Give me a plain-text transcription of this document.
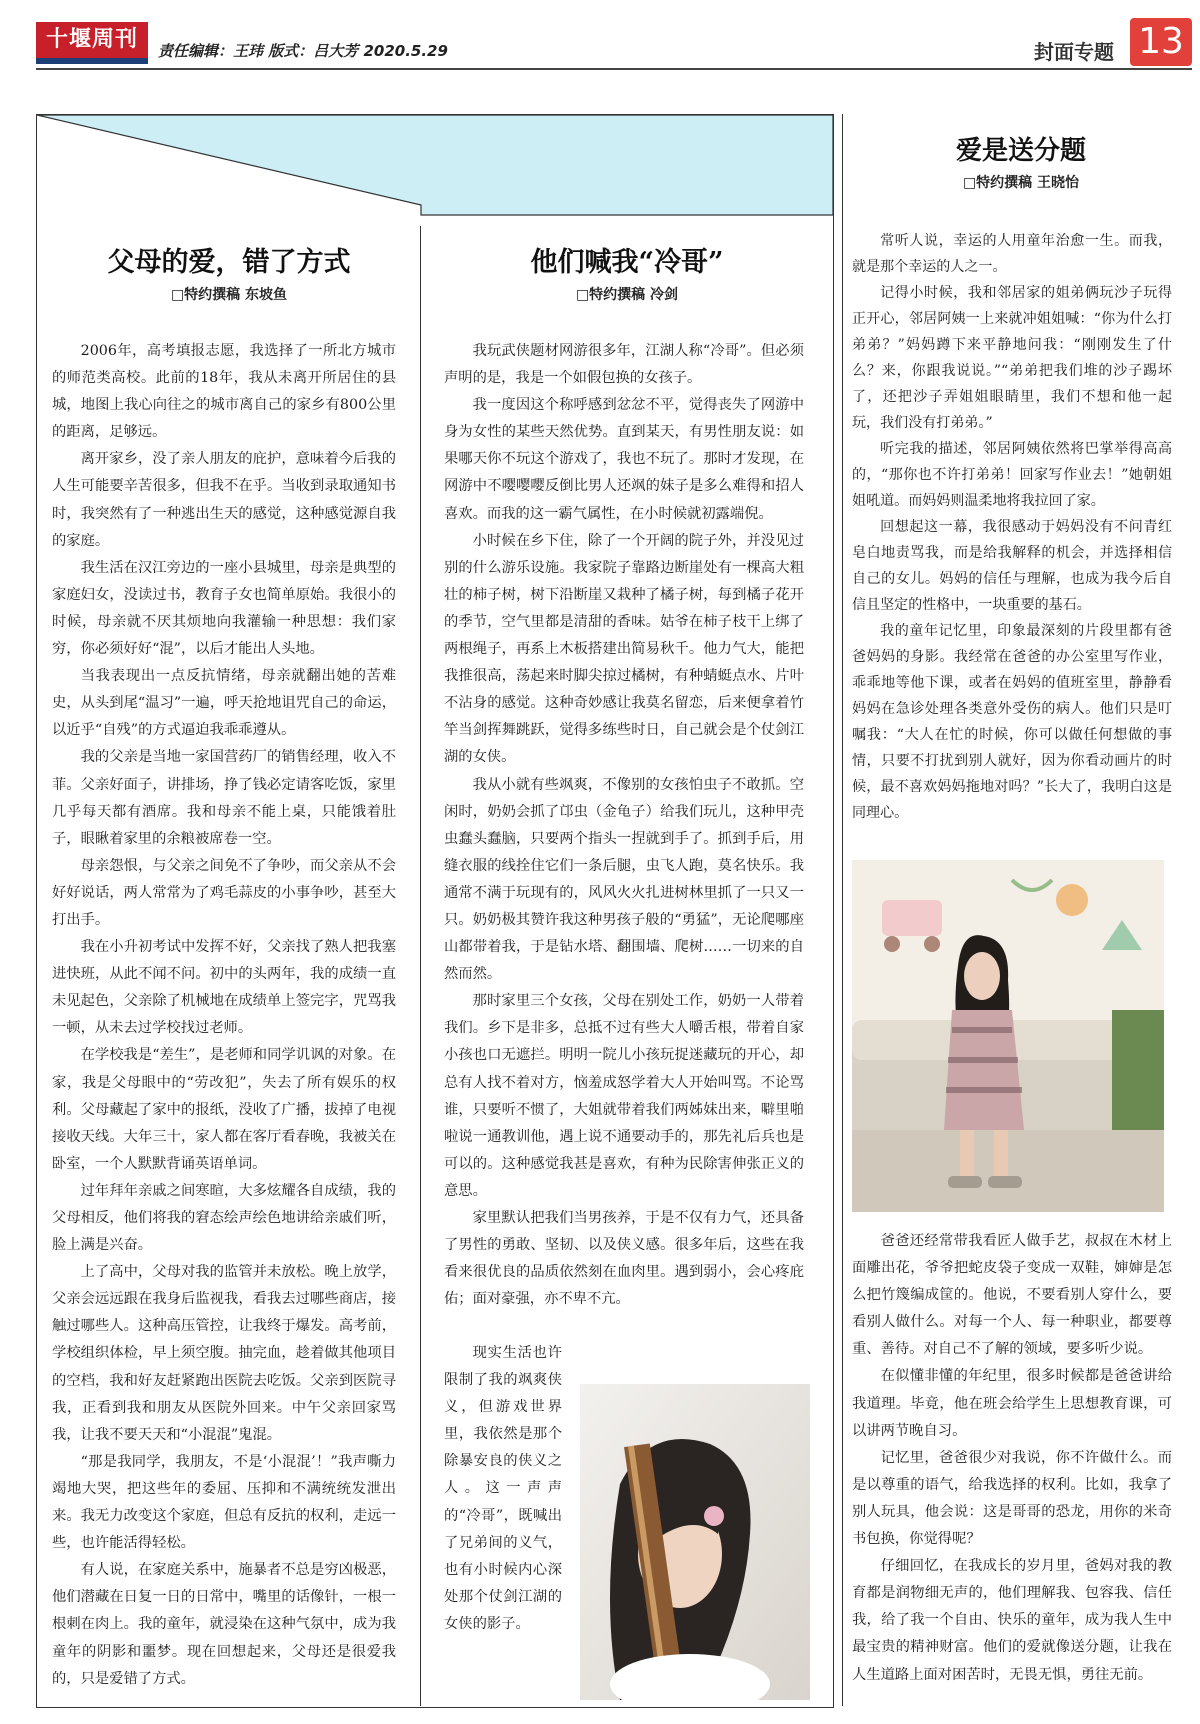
十堰周刊	责任编辑：王玮 版式：吕大芳 2020.5.29	封面专题 13
父母的爱，错了方式
□特约撰稿 东坡鱼

2006年，高考填报志愿，我选择了一所北方城市的师范类高校。此前的18年，我从未离开所居住的县城，地图上我心向往之的城市离自己的家乡有800公里的距离，足够远。

离开家乡，没了亲人朋友的庇护，意味着今后我的人生可能要辛苦很多，但我不在乎。当收到录取通知书时，我突然有了一种逃出生天的感觉，这种感觉源自我的家庭。

我生活在汉江旁边的一座小县城里，母亲是典型的家庭妇女，没读过书，教育子女也简单原始。我很小的时候，母亲就不厌其烦地向我灌输一种思想：我们家穷，你必须好好“混”，以后才能出人头地。

当我表现出一点反抗情绪，母亲就翻出她的苦难史，从头到尾“温习”一遍，呼天抢地诅咒自己的命运，以近乎“自残”的方式逼迫我乖乖遵从。

我的父亲是当地一家国营药厂的销售经理，收入不菲。父亲好面子，讲排场，挣了钱必定请客吃饭，家里几乎每天都有酒席。我和母亲不能上桌，只能饿着肚子，眼瞅着家里的余粮被席卷一空。

母亲怨恨，与父亲之间免不了争吵，而父亲从不会好好说话，两人常常为了鸡毛蒜皮的小事争吵，甚至大打出手。

我在小升初考试中发挥不好，父亲找了熟人把我塞进快班，从此不闻不问。初中的头两年，我的成绩一直未见起色，父亲除了机械地在成绩单上签完字，咒骂我一顿，从未去过学校找过老师。

在学校我是“差生”，是老师和同学讥讽的对象。在家，我是父母眼中的“劳改犯”，失去了所有娱乐的权利。父母藏起了家中的报纸，没收了广播，拔掉了电视接收天线。大年三十，家人都在客厅看春晚，我被关在卧室，一个人默默背诵英语单词。

过年拜年亲戚之间寒暄，大多炫耀各自成绩，我的父母相反，他们将我的窘态绘声绘色地讲给亲戚们听，脸上满是兴奋。

上了高中，父母对我的监管并未放松。晚上放学，父亲会远远跟在我身后监视我，看我去过哪些商店，接触过哪些人。这种高压管控，让我终于爆发。高考前，学校组织体检，早上须空腹。抽完血，趁着做其他项目的空档，我和好友赶紧跑出医院去吃饭。父亲到医院寻我，正看到我和朋友从医院外回来。中午父亲回家骂我，让我不要天天和“小混混”鬼混。

“那是我同学，我朋友，不是‘小混混’！”我声嘶力竭地大哭，把这些年的委屈、压抑和不满统统发泄出来。我无力改变这个家庭，但总有反抗的权利，走远一些，也许能活得轻松。

有人说，在家庭关系中，施暴者不总是穷凶极恶，他们潜藏在日复一日的日常中，嘴里的话像针，一根一根刺在肉上。我的童年，就浸染在这种气氛中，成为我童年的阴影和噩梦。现在回想起来，父母还是很爱我的，只是爱错了方式。

他们喊我“冷哥”
□特约撰稿 冷剑

我玩武侠题材网游很多年，江湖人称“冷哥”。但必须声明的是，我是一个如假包换的女孩子。

我一度因这个称呼感到忿忿不平，觉得丧失了网游中身为女性的某些天然优势。直到某天，有男性朋友说：如果哪天你不玩这个游戏了，我也不玩了。那时才发现，在网游中不嘤嘤嘤反倒比男人还飒的妹子是多么难得和招人喜欢。而我的这一霸气属性，在小时候就初露端倪。

小时候在乡下住，除了一个开阔的院子外，并没见过别的什么游乐设施。我家院子靠路边断崖处有一棵高大粗壮的柿子树，树下沿断崖又栽种了橘子树，每到橘子花开的季节，空气里都是清甜的香味。姑爷在柿子枝干上绑了两根绳子，再系上木板搭建出简易秋千。他力气大，能把我推很高，荡起来时脚尖掠过橘树，有种蜻蜓点水、片叶不沾身的感觉。这种奇妙感让我莫名留恋，后来便拿着竹竿当剑挥舞跳跃，觉得多练些时日，自己就会是个仗剑江湖的女侠。

我从小就有些飒爽，不像别的女孩怕虫子不敢抓。空闲时，奶奶会抓了邙虫（金龟子）给我们玩儿，这种甲壳虫蠢头蠢脑，只要两个指头一捏就到手了。抓到手后，用缝衣服的线拴住它们一条后腿，虫飞人跑，莫名快乐。我通常不满于玩现有的，风风火火扎进树林里抓了一只又一只。奶奶极其赞许我这种男孩子般的“勇猛”，无论爬哪座山都带着我，于是钻水塔、翻围墙、爬树……一切来的自然而然。

那时家里三个女孩，父母在别处工作，奶奶一人带着我们。乡下是非多，总抵不过有些大人嚼舌根，带着自家小孩也口无遮拦。明明一院儿小孩玩捉迷藏玩的开心，却总有人找不着对方，恼羞成怒学着大人开始叫骂。不论骂谁，只要听不惯了，大姐就带着我们两姊妹出来，噼里啪啦说一通教训他，遇上说不通要动手的，那先礼后兵也是可以的。这种感觉我甚是喜欢，有种为民除害伸张正义的意思。

家里默认把我们当男孩养，于是不仅有力气，还具备了男性的勇敢、坚韧、以及侠义感。很多年后，这些在我看来很优良的品质依然刻在血肉里。遇到弱小，会心疼庇佑；面对豪强，亦不卑不亢。

现实生活也许限制了我的飒爽侠义，但游戏世界里，我依然是那个除暴安良的侠义之人。这一声声的“冷哥”，既喊出了兄弟间的义气，也有小时候内心深处那个仗剑江湖的女侠的影子。

爱是送分题
□特约撰稿 王晓怡

常听人说，幸运的人用童年治愈一生。而我，就是那个幸运的人之一。

记得小时候，我和邻居家的姐弟俩玩沙子玩得正开心，邻居阿姨一上来就冲姐姐喊：“你为什么打弟弟？”妈妈蹲下来平静地问我：“刚刚发生了什么？来，你跟我说说。”“弟弟把我们堆的沙子踢坏了，还把沙子弄姐姐眼睛里，我们不想和他一起玩，我们没有打弟弟。”

听完我的描述，邻居阿姨依然将巴掌举得高高的，“那你也不许打弟弟！回家写作业去！”她朝姐姐吼道。而妈妈则温柔地将我拉回了家。

回想起这一幕，我很感动于妈妈没有不问青红皂白地责骂我，而是给我解释的机会，并选择相信自己的女儿。妈妈的信任与理解，也成为我今后自信且坚定的性格中，一块重要的基石。

我的童年记忆里，印象最深刻的片段里都有爸爸妈妈的身影。我经常在爸爸的办公室里写作业，乖乖地等他下课，或者在妈妈的值班室里，静静看妈妈在急诊处理各类意外受伤的病人。他们只是叮嘱我：“大人在忙的时候，你可以做任何想做的事情，只要不打扰到别人就好，因为你看动画片的时候，最不喜欢妈妈拖地对吗？”长大了，我明白这是同理心。

爸爸还经常带我看匠人做手艺，叔叔在木材上面雕出花，爷爷把蛇皮袋子变成一双鞋，婶婶是怎么把竹篾编成筐的。他说，不要看别人穿什么，要看别人做什么。对每一个人、每一种职业，都要尊重、善待。对自己不了解的领域，要多听少说。

在似懂非懂的年纪里，很多时候都是爸爸讲给我道理。毕竟，他在班会给学生上思想教育课，可以讲两节晚自习。

记忆里，爸爸很少对我说，你不许做什么。而是以尊重的语气，给我选择的权利。比如，我拿了别人玩具，他会说：这是哥哥的恐龙，用你的米奇书包换，你觉得呢？

仔细回忆，在我成长的岁月里，爸妈对我的教育都是润物细无声的，他们理解我、包容我、信任我，给了我一个自由、快乐的童年，成为我人生中最宝贵的精神财富。他们的爱就像送分题，让我在人生道路上面对困苦时，无畏无惧，勇往无前。
